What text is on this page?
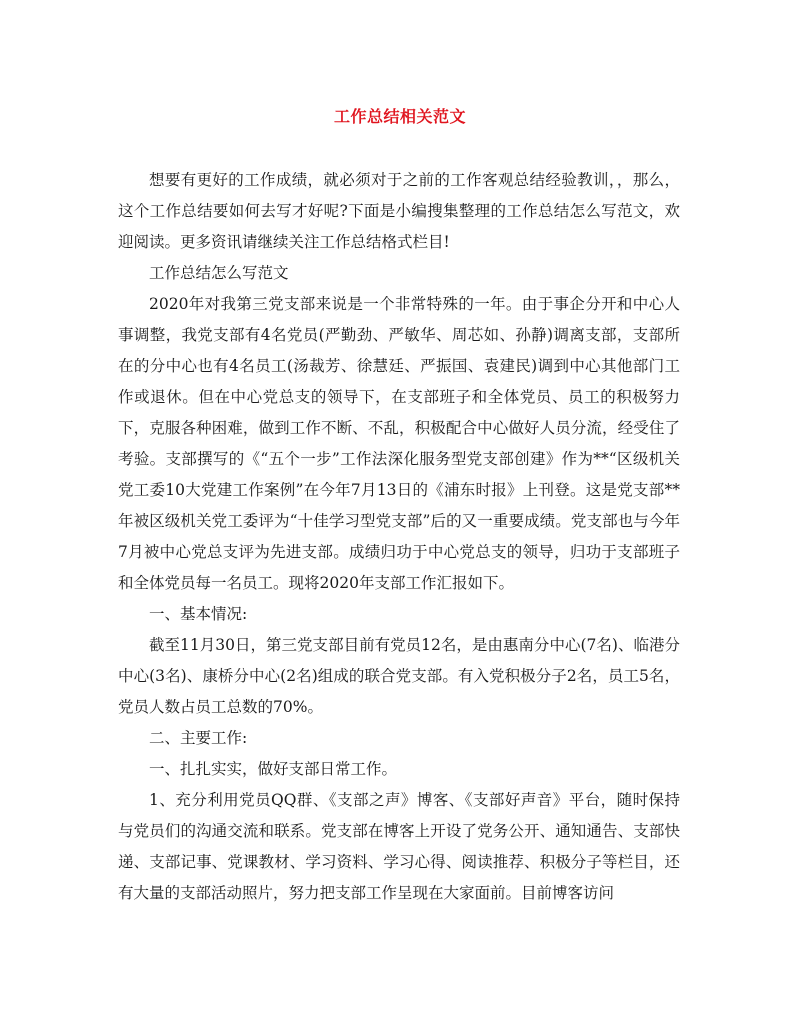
工作总结相关范文

想要有更好的工作成绩，就必须对于之前的工作客观总结经验教训，，那么，这个工作总结要如何去写才好呢?下面是小编搜集整理的工作总结怎么写范文，欢迎阅读。更多资讯请继续关注工作总结格式栏目!

工作总结怎么写范文

2020年对我第三党支部来说是一个非常特殊的一年。由于事企分开和中心人事调整，我党支部有4名党员(严勤劲、严敏华、周芯如、孙静)调离支部，支部所在的分中心也有4名员工(汤裁芳、徐慧廷、严振国、袁建民)调到中心其他部门工作或退休。但在中心党总支的领导下，在支部班子和全体党员、员工的积极努力下，克服各种困难，做到工作不断、不乱，积极配合中心做好人员分流，经受住了考验。支部撰写的《“五个一步”工作法深化服务型党支部创建》作为**“区级机关党工委10大党建工作案例”在今年7月13日的《浦东时报》上刊登。这是党支部**年被区级机关党工委评为“十佳学习型党支部”后的又一重要成绩。党支部也与今年7月被中心党总支评为先进支部。成绩归功于中心党总支的领导，归功于支部班子和全体党员每一名员工。现将2020年支部工作汇报如下。

一、基本情况:

截至11月30日，第三党支部目前有党员12名，是由惠南分中心(7名)、临港分中心(3名)、康桥分中心(2名)组成的联合党支部。有入党积极分子2名，员工5名，党员人数占员工总数的70%。

二、主要工作:

一、扎扎实实，做好支部日常工作。

1、充分利用党员QQ群、《支部之声》博客、《支部好声音》平台，随时保持与党员们的沟通交流和联系。党支部在博客上开设了党务公开、通知通告、支部快递、支部记事、党课教材、学习资料、学习心得、阅读推荐、积极分子等栏目，还有大量的支部活动照片，努力把支部工作呈现在大家面前。目前博客访问
